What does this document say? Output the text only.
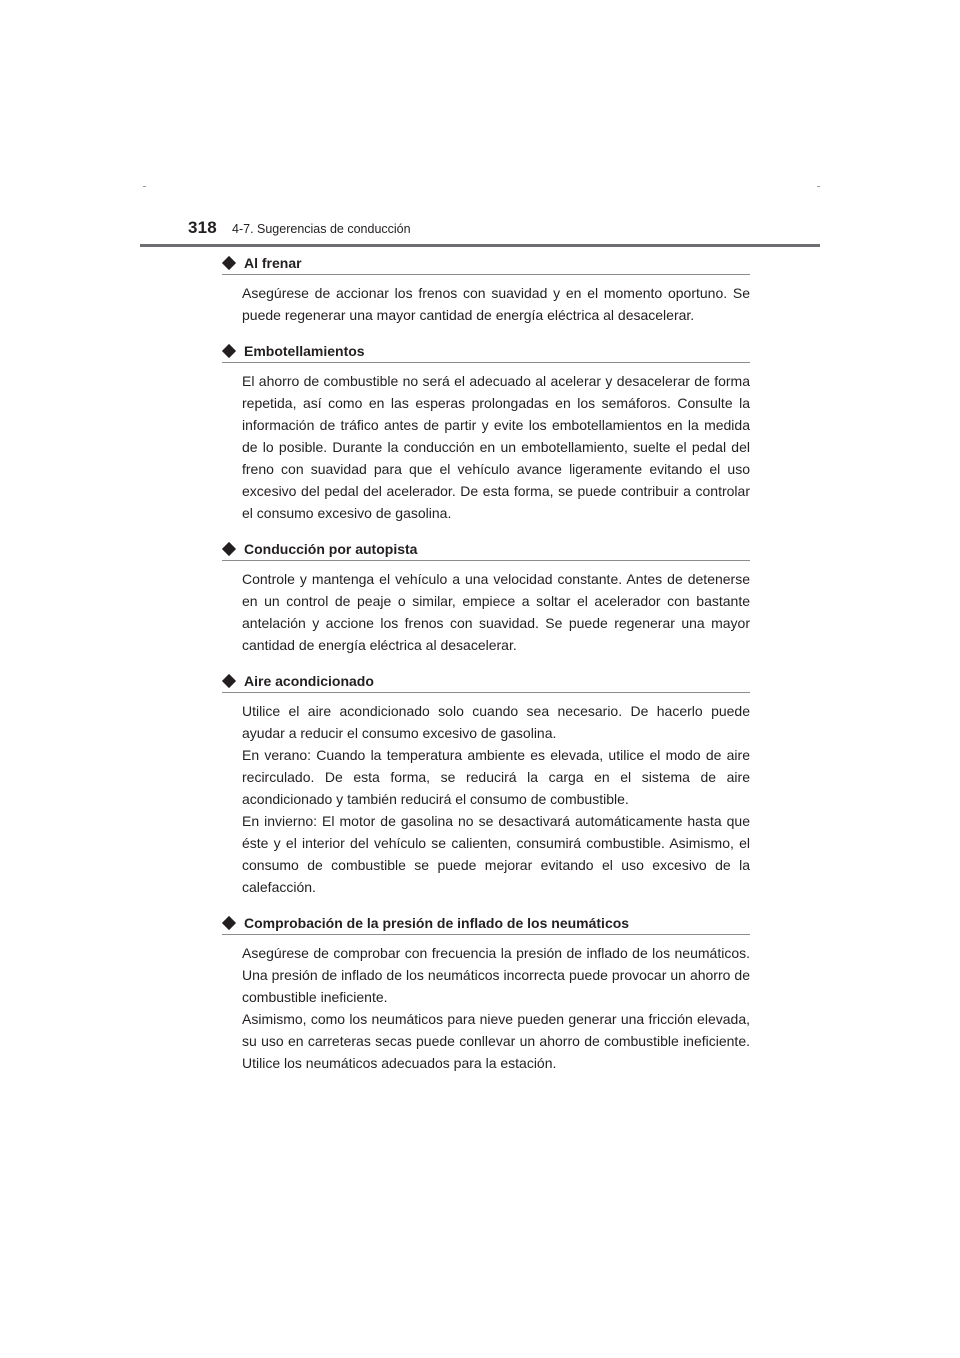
318 4-7. Sugerencias de conducción
Al frenar

Asegúrese de accionar los frenos con suavidad y en el momento oportuno. Se puede regenerar una mayor cantidad de energía eléctrica al desacelerar.

Embotellamientos

El ahorro de combustible no será el adecuado al acelerar y desacelerar de forma repetida, así como en las esperas prolongadas en los semáforos. Consulte la información de tráfico antes de partir y evite los embotellamientos en la medida de lo posible. Durante la conducción en un embotellamiento, suelte el pedal del freno con suavidad para que el vehículo avance ligeramente evitando el uso excesivo del pedal del acelerador. De esta forma, se puede contribuir a controlar el consumo excesivo de gasolina.

Conducción por autopista

Controle y mantenga el vehículo a una velocidad constante. Antes de detenerse en un control de peaje o similar, empiece a soltar el acelerador con bastante antelación y accione los frenos con suavidad. Se puede regenerar una mayor cantidad de energía eléctrica al desacelerar.

Aire acondicionado

Utilice el aire acondicionado solo cuando sea necesario. De hacerlo puede ayudar a reducir el consumo excesivo de gasolina.

En verano: Cuando la temperatura ambiente es elevada, utilice el modo de aire recirculado. De esta forma, se reducirá la carga en el sistema de aire acondicionado y también reducirá el consumo de combustible.

En invierno: El motor de gasolina no se desactivará automáticamente hasta que éste y el interior del vehículo se calienten, consumirá combustible. Asimismo, el consumo de combustible se puede mejorar evitando el uso excesivo de la calefacción.

Comprobación de la presión de inflado de los neumáticos

Asegúrese de comprobar con frecuencia la presión de inflado de los neumáticos. Una presión de inflado de los neumáticos incorrecta puede provocar un ahorro de combustible ineficiente.

Asimismo, como los neumáticos para nieve pueden generar una fricción elevada, su uso en carreteras secas puede conllevar un ahorro de combustible ineficiente. Utilice los neumáticos adecuados para la estación.
